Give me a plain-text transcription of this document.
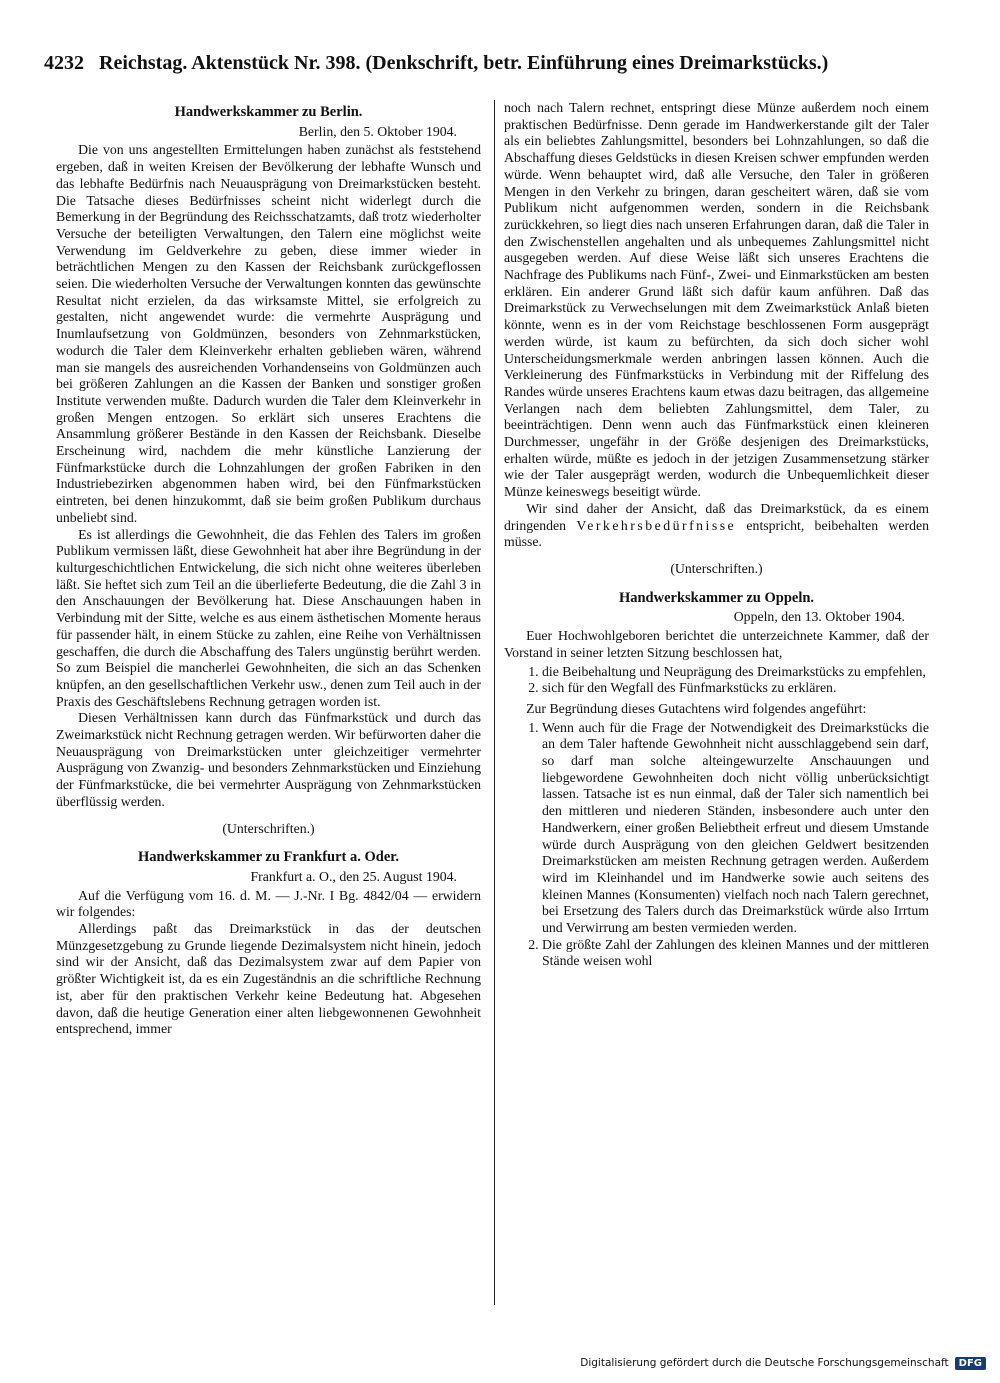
4232 Reichstag. Aktenstück Nr. 398. (Denkschrift, betr. Einführung eines Dreimarkstücks.)
Handwerkskammer zu Berlin.
Berlin, den 5. Oktober 1904.

Die von uns angestellten Ermittelungen haben zunächst als feststehend ergeben, daß in weiten Kreisen der Bevölkerung der lebhafte Wunsch und das lebhafte Bedürfnis nach Neuausprägung von Dreimarkstücken besteht. Die Tatsache dieses Bedürfnisses scheint nicht widerlegt durch die Bemerkung in der Begründung des Reichsschatzamts, daß trotz wiederholter Versuche der beteiligten Verwaltungen, den Talern eine möglichst weite Verwendung im Geldverkehre zu geben, diese immer wieder in beträchtlichen Mengen zu den Kassen der Reichsbank zurückgeflossen seien. Die wiederholten Versuche der Verwaltungen konnten das gewünschte Resultat nicht erzielen, da das wirksamste Mittel, sie erfolgreich zu gestalten, nicht angewendet wurde: die vermehrte Ausprägung und Inumlaufsetzung von Goldmünzen, besonders von Zehnmarkstücken, wodurch die Taler dem Kleinverkehr erhalten geblieben wären, während man sie mangels des ausreichenden Vorhandenseins von Goldmünzen auch bei größeren Zahlungen an die Kassen der Banken und sonstiger großen Institute verwenden mußte. Dadurch wurden die Taler dem Kleinverkehr in großen Mengen entzogen. So erklärt sich unseres Erachtens die Ansammlung größerer Bestände in den Kassen der Reichsbank. Dieselbe Erscheinung wird, nachdem die mehr künstliche Lanzierung der Fünfmarkstücke durch die Lohnzahlungen der großen Fabriken in den Industriebezirken abgenommen haben wird, bei den Fünfmarkstücken eintreten, bei denen hinzukommt, daß sie beim großen Publikum durchaus unbeliebt sind.

Es ist allerdings die Gewohnheit, die das Fehlen des Talers im großen Publikum vermissen läßt, diese Gewohnheit hat aber ihre Begründung in der kulturgeschichtlichen Entwickelung, die sich nicht ohne weiteres überleben läßt. Sie heftet sich zum Teil an die überlieferte Bedeutung, die die Zahl 3 in den Anschauungen der Bevölkerung hat. Diese Anschauungen haben in Verbindung mit der Sitte, welche es aus einem ästhetischen Momente heraus für passender hält, in einem Stücke zu zahlen, eine Reihe von Verhältnissen geschaffen, die durch die Abschaffung des Talers ungünstig berührt werden. So zum Beispiel die mancherlei Gewohnheiten, die sich an das Schenken knüpfen, an den gesellschaftlichen Verkehr usw., denen zum Teil auch in der Praxis des Geschäftslebens Rechnung getragen worden ist.

Diesen Verhältnissen kann durch das Fünfmarkstück und durch das Zweimarkstück nicht Rechnung getragen werden. Wir befürworten daher die Neuausprägung von Dreimarkstücken unter gleichzeitiger vermehrter Ausprägung von Zwanzig- und besonders Zehnmarkstücken und Einziehung der Fünfmarkstücke, die bei vermehrter Ausprägung von Zehnmarkstücken überflüssig werden.

(Unterschriften.)
Handwerkskammer zu Frankfurt a. Oder.
Frankfurt a. O., den 25. August 1904.

Auf die Verfügung vom 16. d. M. — J.-Nr. I Bg. 4842/04 — erwidern wir folgendes:

Allerdings paßt das Dreimarkstück in das der deutschen Münzgesetzgebung zu Grunde liegende Dezimalsystem nicht hinein, jedoch sind wir der Ansicht, daß das Dezimalsystem zwar auf dem Papier von größter Wichtigkeit ist, da es ein Zugeständnis an die schriftliche Rechnung ist, aber für den praktischen Verkehr keine Bedeutung hat. Abgesehen davon, daß die heutige Generation einer alten liebgewonnenen Gewohnheit entsprechend, immer

noch nach Talern rechnet, entspringt diese Münze außerdem noch einem praktischen Bedürfnisse. Denn gerade im Handwerkerstande gilt der Taler als ein beliebtes Zahlungsmittel, besonders bei Lohnzahlungen, so daß die Abschaffung dieses Geldstücks in diesen Kreisen schwer empfunden werden würde. Wenn behauptet wird, daß alle Versuche, den Taler in größeren Mengen in den Verkehr zu bringen, daran gescheitert wären, daß sie vom Publikum nicht aufgenommen werden, sondern in die Reichsbank zurückkehren, so liegt dies nach unseren Erfahrungen daran, daß die Taler in den Zwischenstellen angehalten und als unbequemes Zahlungsmittel nicht ausgegeben werden. Auf diese Weise läßt sich unseres Erachtens die Nachfrage des Publikums nach Fünf-, Zwei- und Einmarkstücken am besten erklären. Ein anderer Grund läßt sich dafür kaum anführen. Daß das Dreimarkstück zu Verwechselungen mit dem Zweimarkstück Anlaß bieten könnte, wenn es in der vom Reichstage beschlossenen Form ausgeprägt werden würde, ist kaum zu befürchten, da sich doch sicher wohl Unterscheidungsmerkmale werden anbringen lassen können. Auch die Verkleinerung des Fünfmarkstücks in Verbindung mit der Riffelung des Randes würde unseres Erachtens kaum etwas dazu beitragen, das allgemeine Verlangen nach dem beliebten Zahlungsmittel, dem Taler, zu beeinträchtigen. Denn wenn auch das Fünfmarkstück einen kleineren Durchmesser, ungefähr in der Größe desjenigen des Dreimarkstücks, erhalten würde, müßte es jedoch in der jetzigen Zusammensetzung stärker wie der Taler ausgeprägt werden, wodurch die Unbequemlichkeit dieser Münze keineswegs beseitigt würde.

Wir sind daher der Ansicht, daß das Dreimarkstück, da es einem dringenden Verkehrsbedürfnisse entspricht, beibehalten werden müsse.

(Unterschriften.)
Handwerkskammer zu Oppeln.
Oppeln, den 13. Oktober 1904.

Euer Hochwohlgeboren berichtet die unterzeichnete Kammer, daß der Vorstand in seiner letzten Sitzung beschlossen hat,

1. die Beibehaltung und Neuprägung des Dreimarkstücks zu empfehlen,
2. sich für den Wegfall des Fünfmarkstücks zu erklären.

Zur Begründung dieses Gutachtens wird folgendes angeführt:

1. Wenn auch für die Frage der Notwendigkeit des Dreimarkstücks die an dem Taler haftende Gewohnheit nicht ausschlaggebend sein darf, so darf man solche alteingewurzelte Anschauungen und liebgewordene Gewohnheiten doch nicht völlig unberücksichtigt lassen. Tatsache ist es nun einmal, daß der Taler sich namentlich bei den mittleren und niederen Ständen, insbesondere auch unter den Handwerkern, einer großen Beliebtheit erfreut und diesem Umstande würde durch Ausprägung von den gleichen Geldwert besitzenden Dreimarkstücken am meisten Rechnung getragen werden. Außerdem wird im Kleinhandel und im Handwerke sowie auch seitens des kleinen Mannes (Konsumenten) vielfach noch nach Talern gerechnet, bei Ersetzung des Talers durch das Dreimarkstück würde also Irrtum und Verwirrung am besten vermieden werden.
2. Die größte Zahl der Zahlungen des kleinen Mannes und der mittleren Stände weisen wohl
Digitalisierung gefördert durch die Deutsche Forschungsgemeinschaft	DFG
